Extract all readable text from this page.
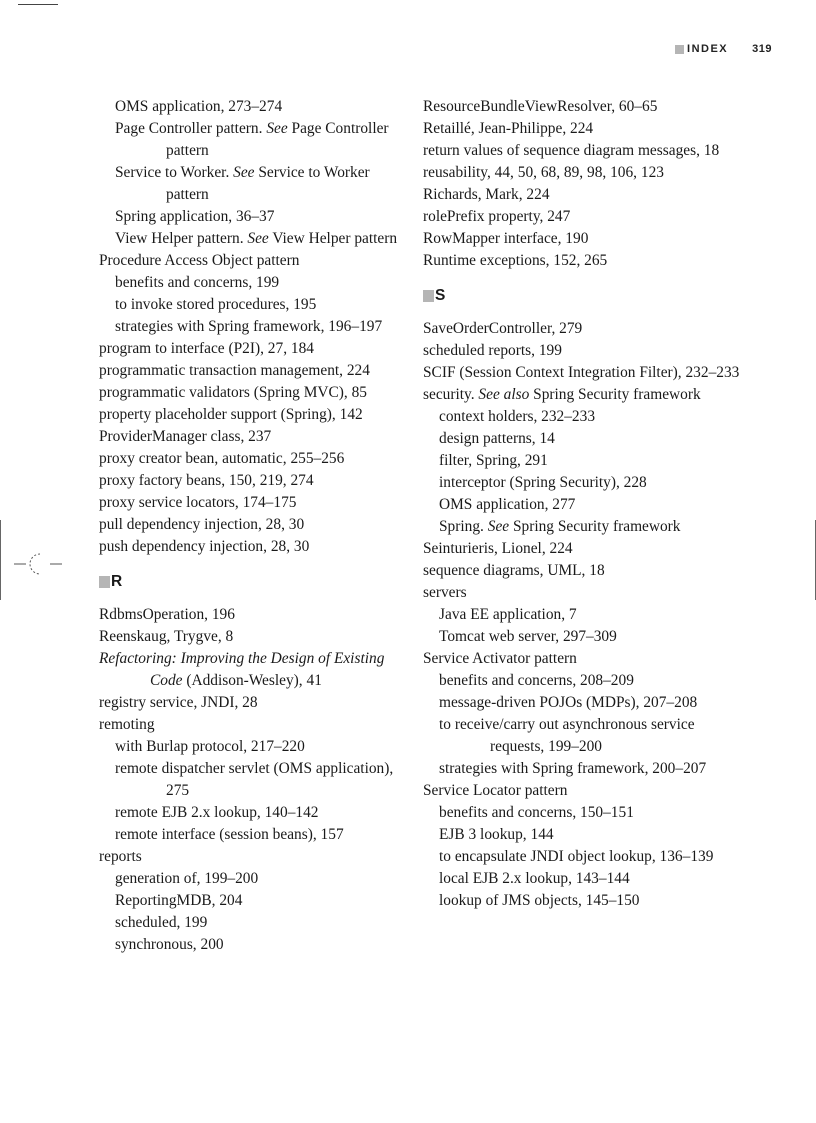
INDEX 319
OMS application, 273–274
Page Controller pattern. See Page Controller pattern
Service to Worker. See Service to Worker pattern
Spring application, 36–37
View Helper pattern. See View Helper pattern
Procedure Access Object pattern
benefits and concerns, 199
to invoke stored procedures, 195
strategies with Spring framework, 196–197
program to interface (P2I), 27, 184
programmatic transaction management, 224
programmatic validators (Spring MVC), 85
property placeholder support (Spring), 142
ProviderManager class, 237
proxy creator bean, automatic, 255–256
proxy factory beans, 150, 219, 274
proxy service locators, 174–175
pull dependency injection, 28, 30
push dependency injection, 28, 30
R
RdbmsOperation, 196
Reenskaug, Trygve, 8
Refactoring: Improving the Design of Existing Code (Addison-Wesley), 41
registry service, JNDI, 28
remoting
with Burlap protocol, 217–220
remote dispatcher servlet (OMS application), 275
remote EJB 2.x lookup, 140–142
remote interface (session beans), 157
reports
generation of, 199–200
ReportingMDB, 204
scheduled, 199
synchronous, 200
ResourceBundleViewResolver, 60–65
Retaillé, Jean-Philippe, 224
return values of sequence diagram messages, 18
reusability, 44, 50, 68, 89, 98, 106, 123
Richards, Mark, 224
rolePrefix property, 247
RowMapper interface, 190
Runtime exceptions, 152, 265
S
SaveOrderController, 279
scheduled reports, 199
SCIF (Session Context Integration Filter), 232–233
security. See also Spring Security framework
context holders, 232–233
design patterns, 14
filter, Spring, 291
interceptor (Spring Security), 228
OMS application, 277
Spring. See Spring Security framework
Seinturieris, Lionel, 224
sequence diagrams, UML, 18
servers
Java EE application, 7
Tomcat web server, 297–309
Service Activator pattern
benefits and concerns, 208–209
message-driven POJOs (MDPs), 207–208
to receive/carry out asynchronous service requests, 199–200
strategies with Spring framework, 200–207
Service Locator pattern
benefits and concerns, 150–151
EJB 3 lookup, 144
to encapsulate JNDI object lookup, 136–139
local EJB 2.x lookup, 143–144
lookup of JMS objects, 145–150
